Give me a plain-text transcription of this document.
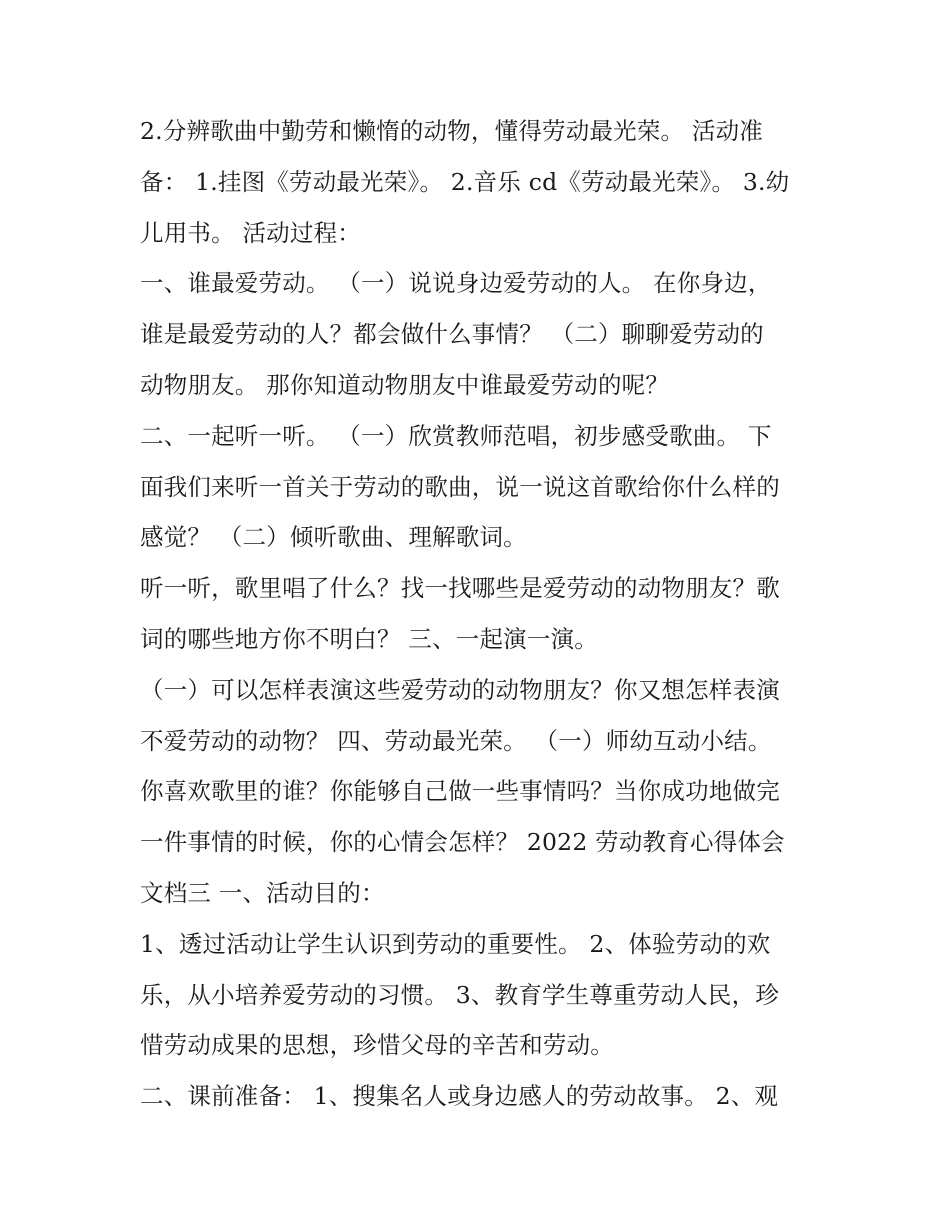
2.分辨歌曲中勤劳和懒惰的动物，懂得劳动最光荣。 活动准
备： 1.挂图《劳动最光荣》。 2.音乐 cd《劳动最光荣》。 3.幼
儿用书。 活动过程：
一、谁最爱劳动。 （一）说说身边爱劳动的人。 在你身边，
谁是最爱劳动的人？都会做什么事情？ （二）聊聊爱劳动的
动物朋友。 那你知道动物朋友中谁最爱劳动的呢？
二、一起听一听。 （一）欣赏教师范唱，初步感受歌曲。 下
面我们来听一首关于劳动的歌曲，说一说这首歌给你什么样的
感觉？ （二）倾听歌曲、理解歌词。
听一听，歌里唱了什么？找一找哪些是爱劳动的动物朋友？歌
词的哪些地方你不明白？ 三、一起演一演。
（一）可以怎样表演这些爱劳动的动物朋友？你又想怎样表演
不爱劳动的动物？ 四、劳动最光荣。 （一）师幼互动小结。
你喜欢歌里的谁？你能够自己做一些事情吗？当你成功地做完
一件事情的时候，你的心情会怎样？ 2022 劳动教育心得体会
文档三 一、活动目的：
1、透过活动让学生认识到劳动的重要性。 2、体验劳动的欢
乐，从小培养爱劳动的习惯。 3、教育学生尊重劳动人民，珍
惜劳动成果的思想，珍惜父母的辛苦和劳动。
二、课前准备： 1、搜集名人或身边感人的劳动故事。 2、观
